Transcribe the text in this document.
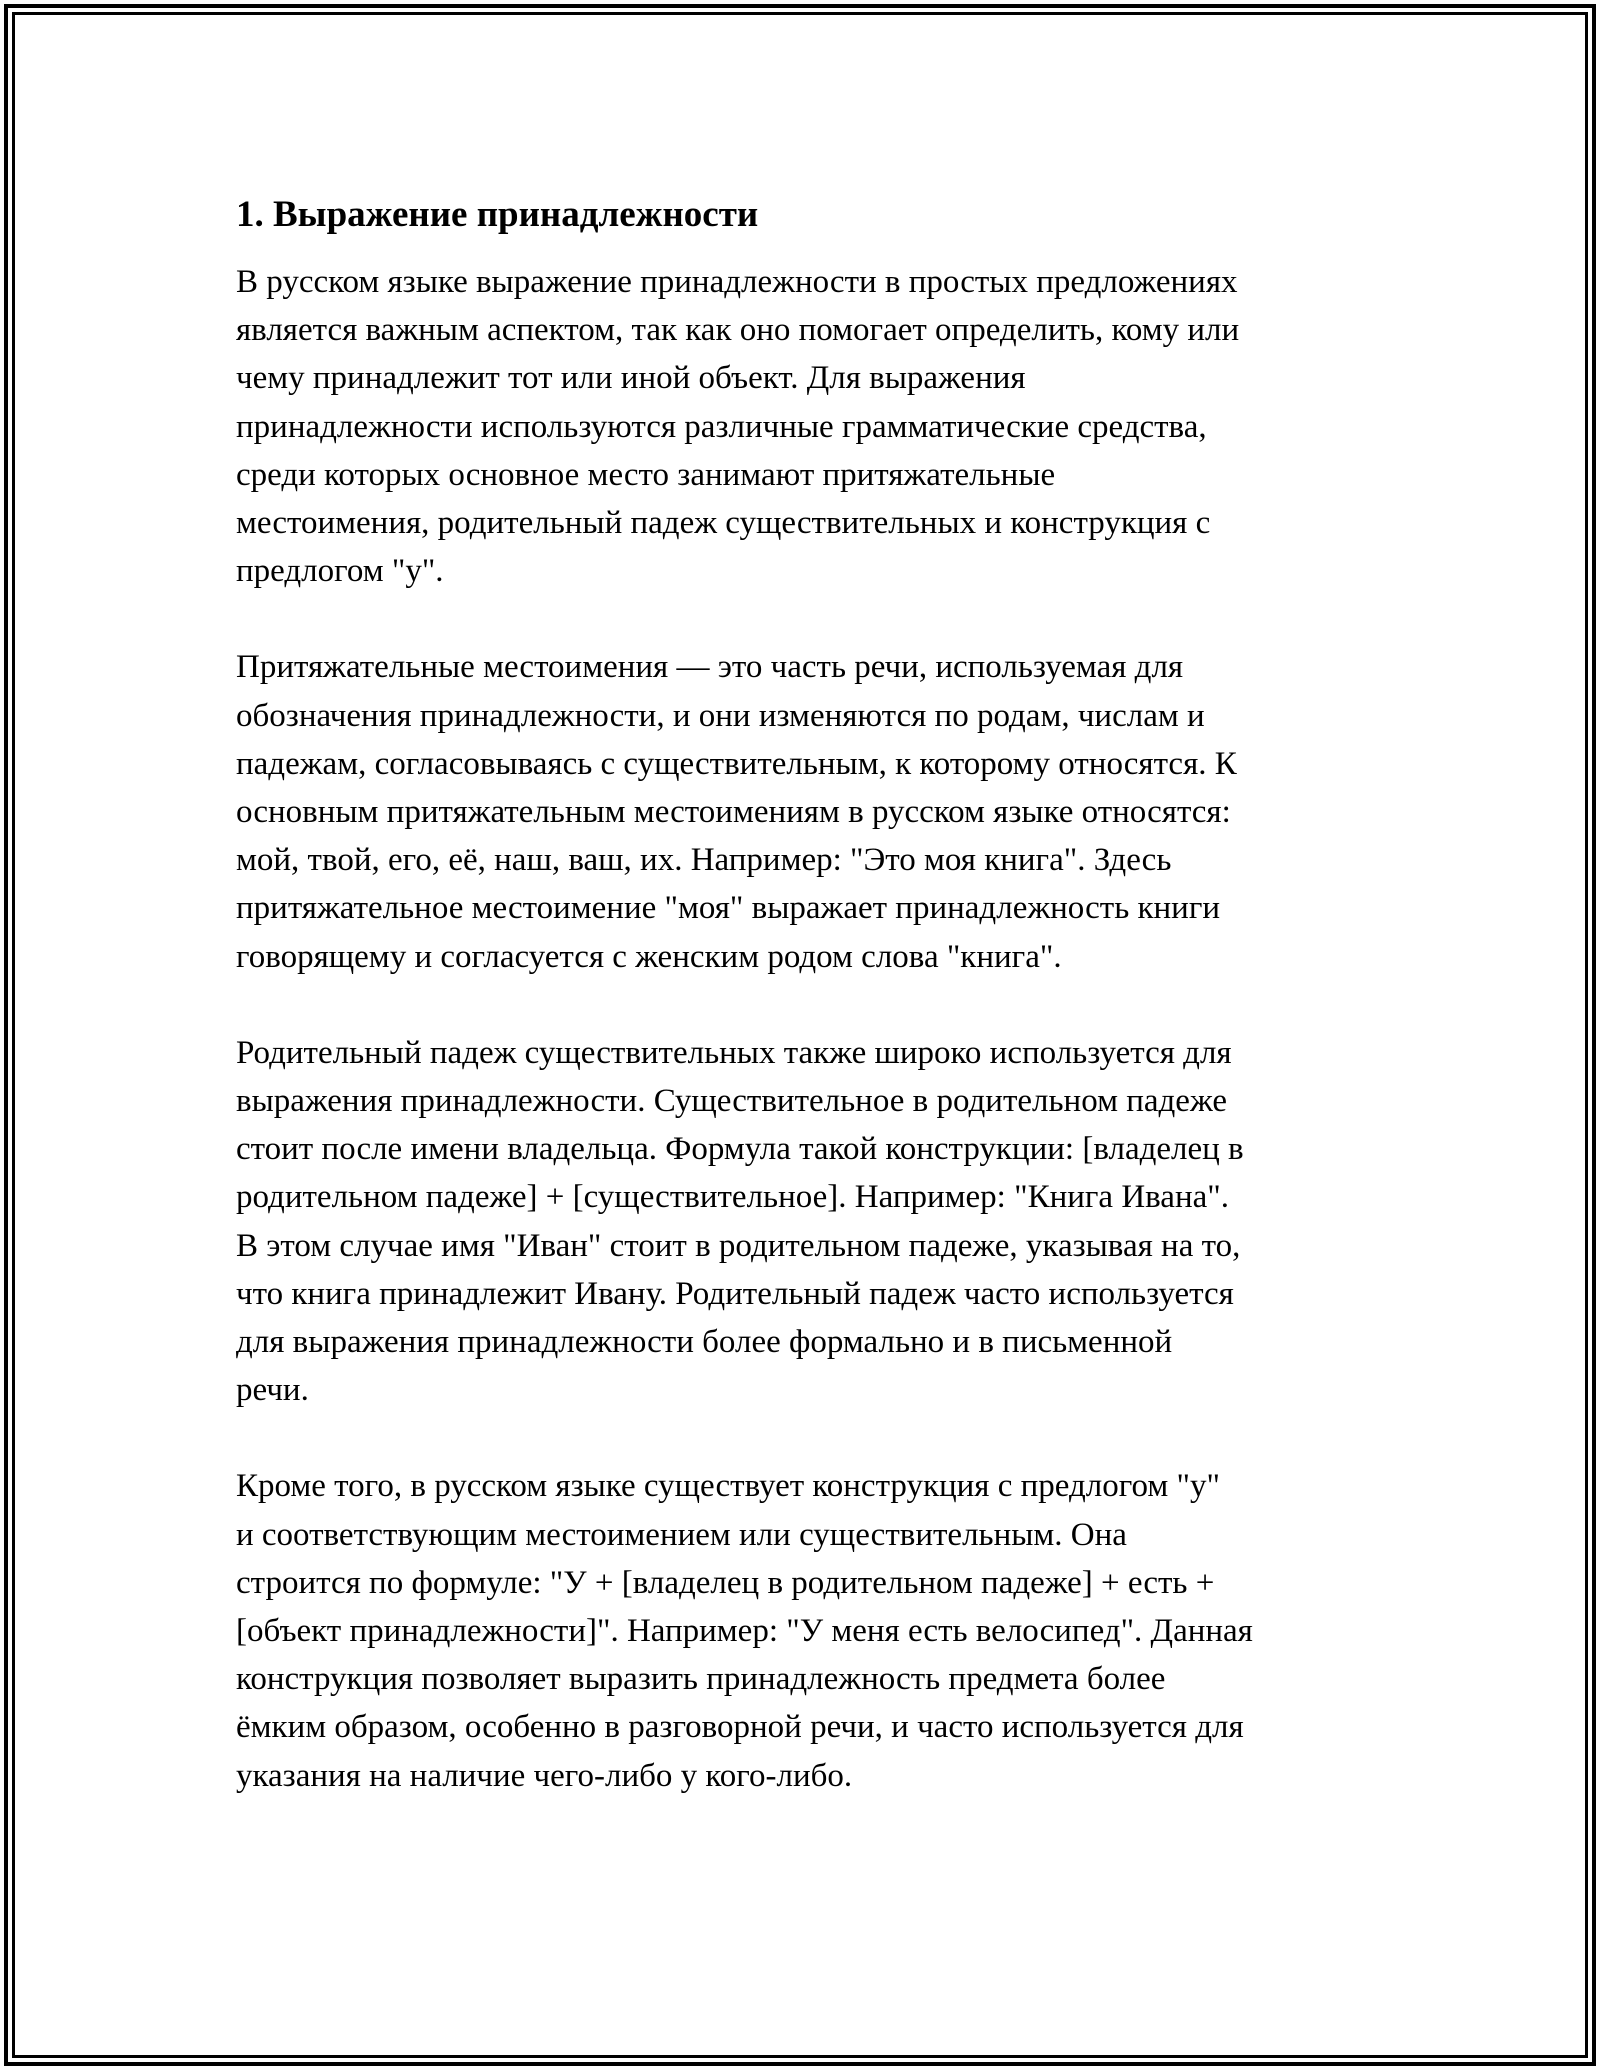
1. Выражение принадлежности

В русском языке выражение принадлежности в простых предложениях
является важным аспектом, так как оно помогает определить, кому или
чему принадлежит тот или иной объект. Для выражения
принадлежности используются различные грамматические средства,
среди которых основное место занимают притяжательные
местоимения, родительный падеж существительных и конструкция с
предлогом "у".

Притяжательные местоимения — это часть речи, используемая для
обозначения принадлежности, и они изменяются по родам, числам и
падежам, согласовываясь с существительным, к которому относятся. К
основным притяжательным местоимениям в русском языке относятся:
мой, твой, его, её, наш, ваш, их. Например: "Это моя книга". Здесь
притяжательное местоимение "моя" выражает принадлежность книги
говорящему и согласуется с женским родом слова "книга".

Родительный падеж существительных также широко используется для
выражения принадлежности. Существительное в родительном падеже
стоит после имени владельца. Формула такой конструкции: [владелец в
родительном падеже] + [существительное]. Например: "Книга Ивана".
В этом случае имя "Иван" стоит в родительном падеже, указывая на то,
что книга принадлежит Ивану. Родительный падеж часто используется
для выражения принадлежности более формально и в письменной
речи.

Кроме того, в русском языке существует конструкция с предлогом "у"
и соответствующим местоимением или существительным. Она
строится по формуле: "У + [владелец в родительном падеже] + есть +
[объект принадлежности]". Например: "У меня есть велосипед". Данная
конструкция позволяет выразить принадлежность предмета более
ёмким образом, особенно в разговорной речи, и часто используется для
указания на наличие чего-либо у кого-либо.
